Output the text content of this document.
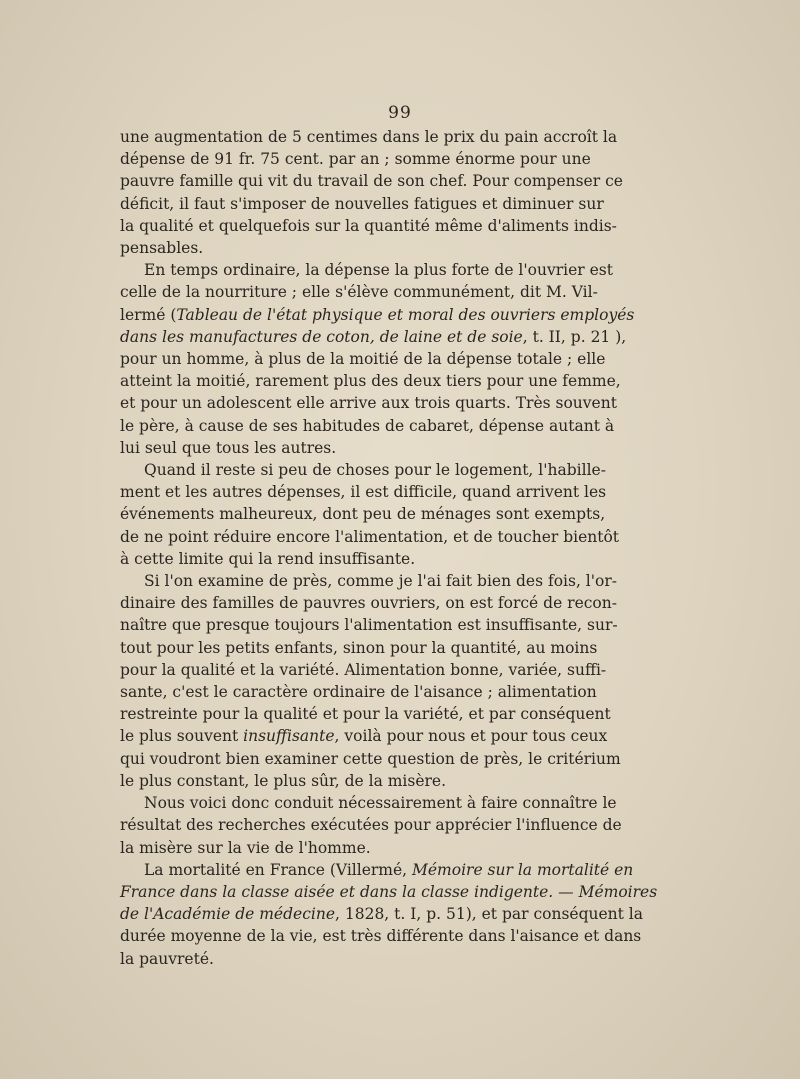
99
une augmentation de 5 centimes dans le prix du pain accroît la
dépense de 91 fr. 75 cent. par an ; somme énorme pour une
pauvre famille qui vit du travail de son chef. Pour compenser ce
déficit, il faut s'imposer de nouvelles fatigues et diminuer sur
la qualité et quelquefois sur la quantité même d'aliments indis-
pensables.
En temps ordinaire, la dépense la plus forte de l'ouvrier est
celle de la nourriture ; elle s'élève communément, dit M. Vil-
lermé (Tableau de l'état physique et moral des ouvriers employés
dans les manufactures de coton, de laine et de soie, t. II, p. 21 ),
pour un homme, à plus de la moitié de la dépense totale ; elle
atteint la moitié, rarement plus des deux tiers pour une femme,
et pour un adolescent elle arrive aux trois quarts. Très souvent
le père, à cause de ses habitudes de cabaret, dépense autant à
lui seul que tous les autres.
Quand il reste si peu de choses pour le logement, l'habille-
ment et les autres dépenses, il est difficile, quand arrivent les
événements malheureux, dont peu de ménages sont exempts,
de ne point réduire encore l'alimentation, et de toucher bientôt
à cette limite qui la rend insuffisante.
Si l'on examine de près, comme je l'ai fait bien des fois, l'or-
dinaire des familles de pauvres ouvriers, on est forcé de recon-
naître que presque toujours l'alimentation est insuffisante, sur-
tout pour les petits enfants, sinon pour la quantité, au moins
pour la qualité et la variété. Alimentation bonne, variée, suffi-
sante, c'est le caractère ordinaire de l'aisance ; alimentation
restreinte pour la qualité et pour la variété, et par conséquent
le plus souvent insuffisante, voilà pour nous et pour tous ceux
qui voudront bien examiner cette question de près, le critérium
le plus constant, le plus sûr, de la misère.
Nous voici donc conduit nécessairement à faire connaître le
résultat des recherches exécutées pour apprécier l'influence de
la misère sur la vie de l'homme.
La mortalité en France (Villermé, Mémoire sur la mortalité en
France dans la classe aisée et dans la classe indigente. — Mémoires
de l'Académie de médecine, 1828, t. I, p. 51), et par conséquent la
durée moyenne de la vie, est très différente dans l'aisance et dans
la pauvreté.
